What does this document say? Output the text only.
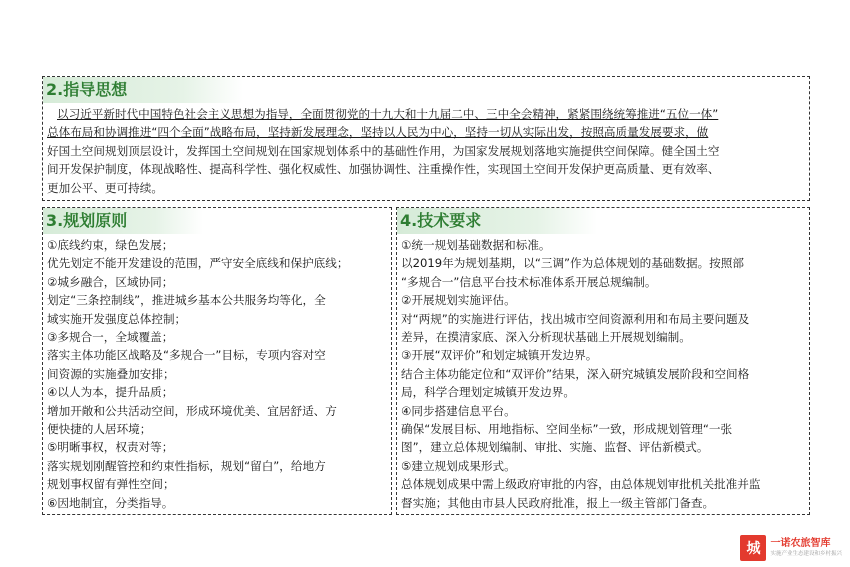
2.指导思想
以习近平新时代中国特色社会主义思想为指导，全面贯彻党的十九大和十九届二中、三中全会精神，紧紧围绕统筹推进“五位一体”
总体布局和协调推进“四个全面”战略布局，坚持新发展理念，坚持以人民为中心，坚持一切从实际出发，按照高质量发展要求，做
好国土空间规划顶层设计，发挥国土空间规划在国家规划体系中的基础性作用，为国家发展规划落地实施提供空间保障。健全国土空
间开发保护制度，体现战略性、提高科学性、强化权威性、加强协调性、注重操作性，实现国土空间开发保护更高质量、更有效率、
更加公平、更可持续。
3.规划原则
①底线约束，绿色发展；
优先划定不能开发建设的范围，严守安全底线和保护底线；
②城乡融合，区域协同；
划定“三条控制线”，推进城乡基本公共服务均等化，全
域实施开发强度总体控制；
③多规合一，全域覆盖；
落实主体功能区战略及“多规合一”目标，专项内容对空
间资源的实施叠加安排；
④以人为本，提升品质；
增加开敞和公共活动空间，形成环境优美、宜居舒适、方
便快捷的人居环境；
⑤明晰事权，权责对等；
落实规划刚醒管控和约束性指标，规划“留白”，给地方
规划事权留有弹性空间；
⑥因地制宜，分类指导。
4.技术要求
①统一规划基础数据和标准。
以2019年为规划基期，以“三调”作为总体规划的基础数据。按照部
“多规合一”信息平台技术标准体系开展总规编制。
②开展规划实施评估。
对“两规”的实施进行评估，找出城市空间资源利用和布局主要问题及
差异，在摸清家底、深入分析现状基础上开展规划编制。
③开展“双评价”和划定城镇开发边界。
结合主体功能定位和“双评价”结果，深入研究城镇发展阶段和空间格
局，科学合理划定城镇开发边界。
④同步搭建信息平台。
确保“发展目标、用地指标、空间坐标”一致，形成规划管理“一张
图”，建立总体规划编制、审批、实施、监督、评估新模式。
⑤建立规划成果形式。
总体规划成果中需上级政府审批的内容，由总体规划审批机关批准并监
督实施；其他由市县人民政府批准，报上一级主管部门备查。
城	一诺农旅智库
实施产业生态建设和乡村振兴
